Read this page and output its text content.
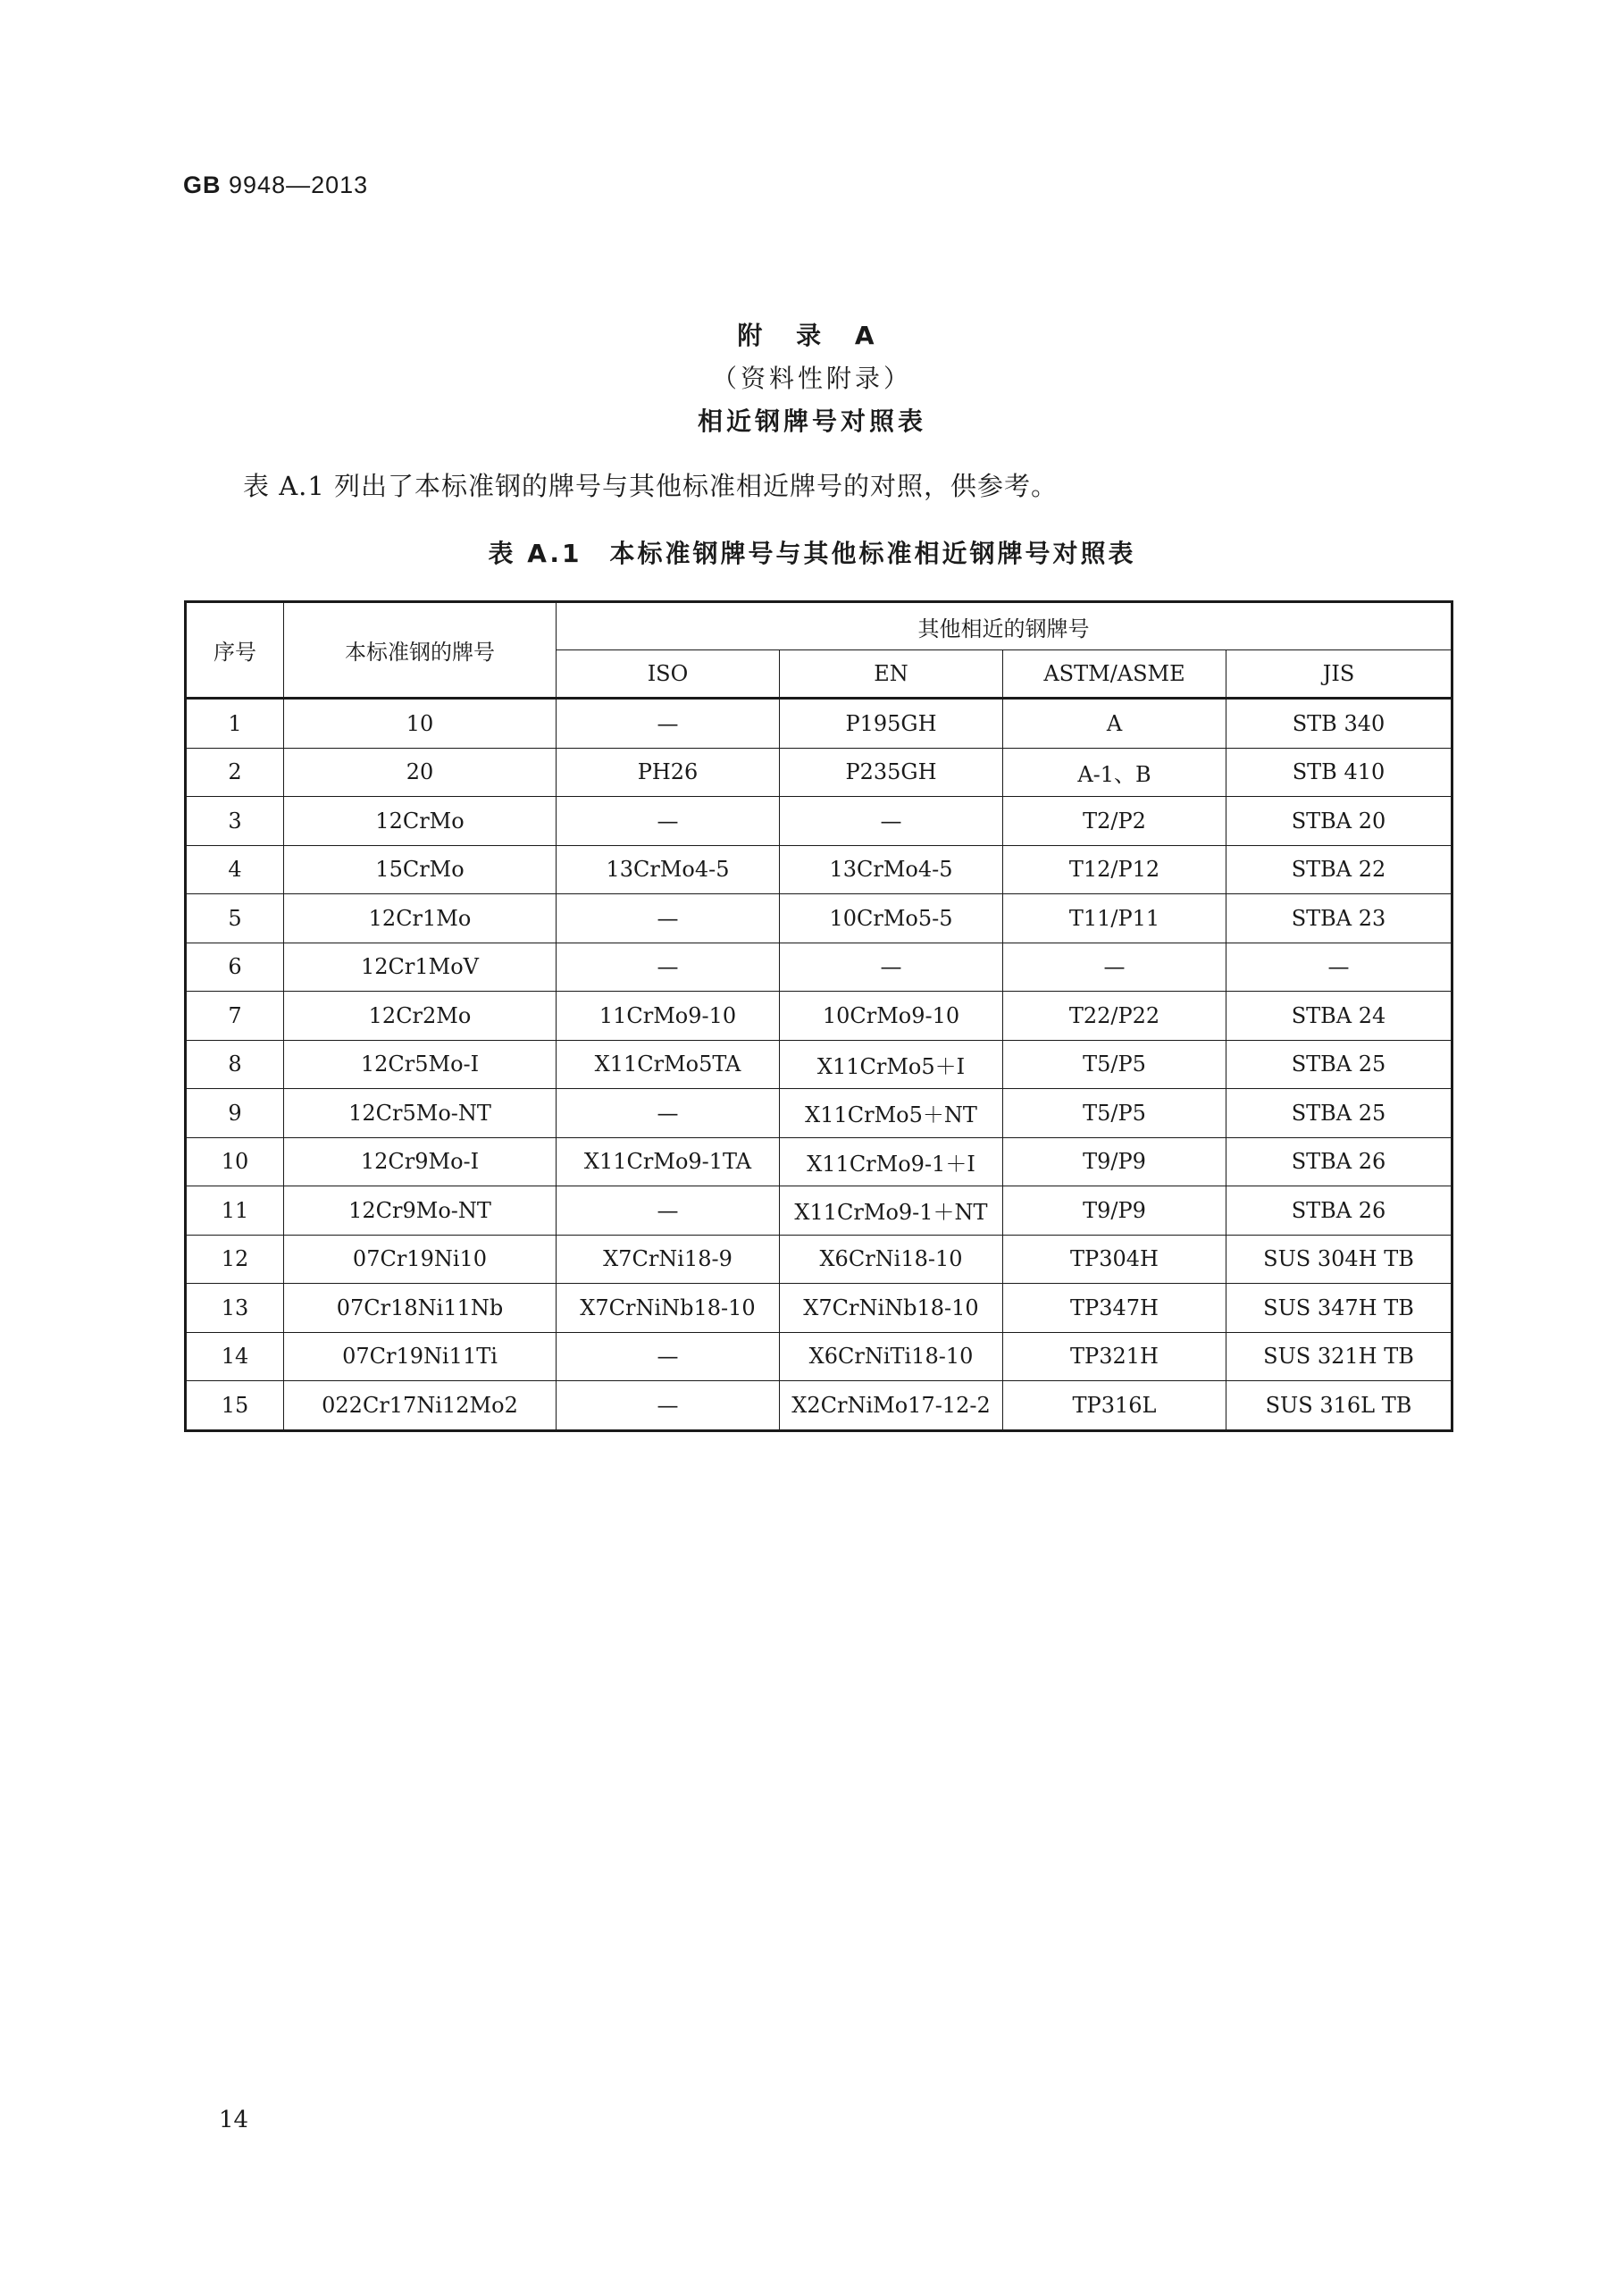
GB 9948—2013
附 录 A
（资料性附录）
相近钢牌号对照表
表 A.1 列出了本标准钢的牌号与其他标准相近牌号的对照，供参考。
表 A.1　本标准钢牌号与其他标准相近钢牌号对照表
序号	本标准钢的牌号	其他相近的钢牌号			
		ISO	EN	ASTM/ASME	JIS
1	10	—	P195GH	A	STB 340
2	20	PH26	P235GH	A-1、B	STB 410
3	12CrMo	—	—	T2/P2	STBA 20
4	15CrMo	13CrMo4-5	13CrMo4-5	T12/P12	STBA 22
5	12Cr1Mo	—	10CrMo5-5	T11/P11	STBA 23
6	12Cr1MoV	—	—	—	—
7	12Cr2Mo	11CrMo9-10	10CrMo9-10	T22/P22	STBA 24
8	12Cr5Mo-I	X11CrMo5TA	X11CrMo5＋I	T5/P5	STBA 25
9	12Cr5Mo-NT	—	X11CrMo5＋NT	T5/P5	STBA 25
10	12Cr9Mo-I	X11CrMo9-1TA	X11CrMo9-1＋I	T9/P9	STBA 26
11	12Cr9Mo-NT	—	X11CrMo9-1＋NT	T9/P9	STBA 26
12	07Cr19Ni10	X7CrNi18-9	X6CrNi18-10	TP304H	SUS 304H TB
13	07Cr18Ni11Nb	X7CrNiNb18-10	X7CrNiNb18-10	TP347H	SUS 347H TB
14	07Cr19Ni11Ti	—	X6CrNiTi18-10	TP321H	SUS 321H TB
15	022Cr17Ni12Mo2	—	X2CrNiMo17-12-2	TP316L	SUS 316L TB
14
